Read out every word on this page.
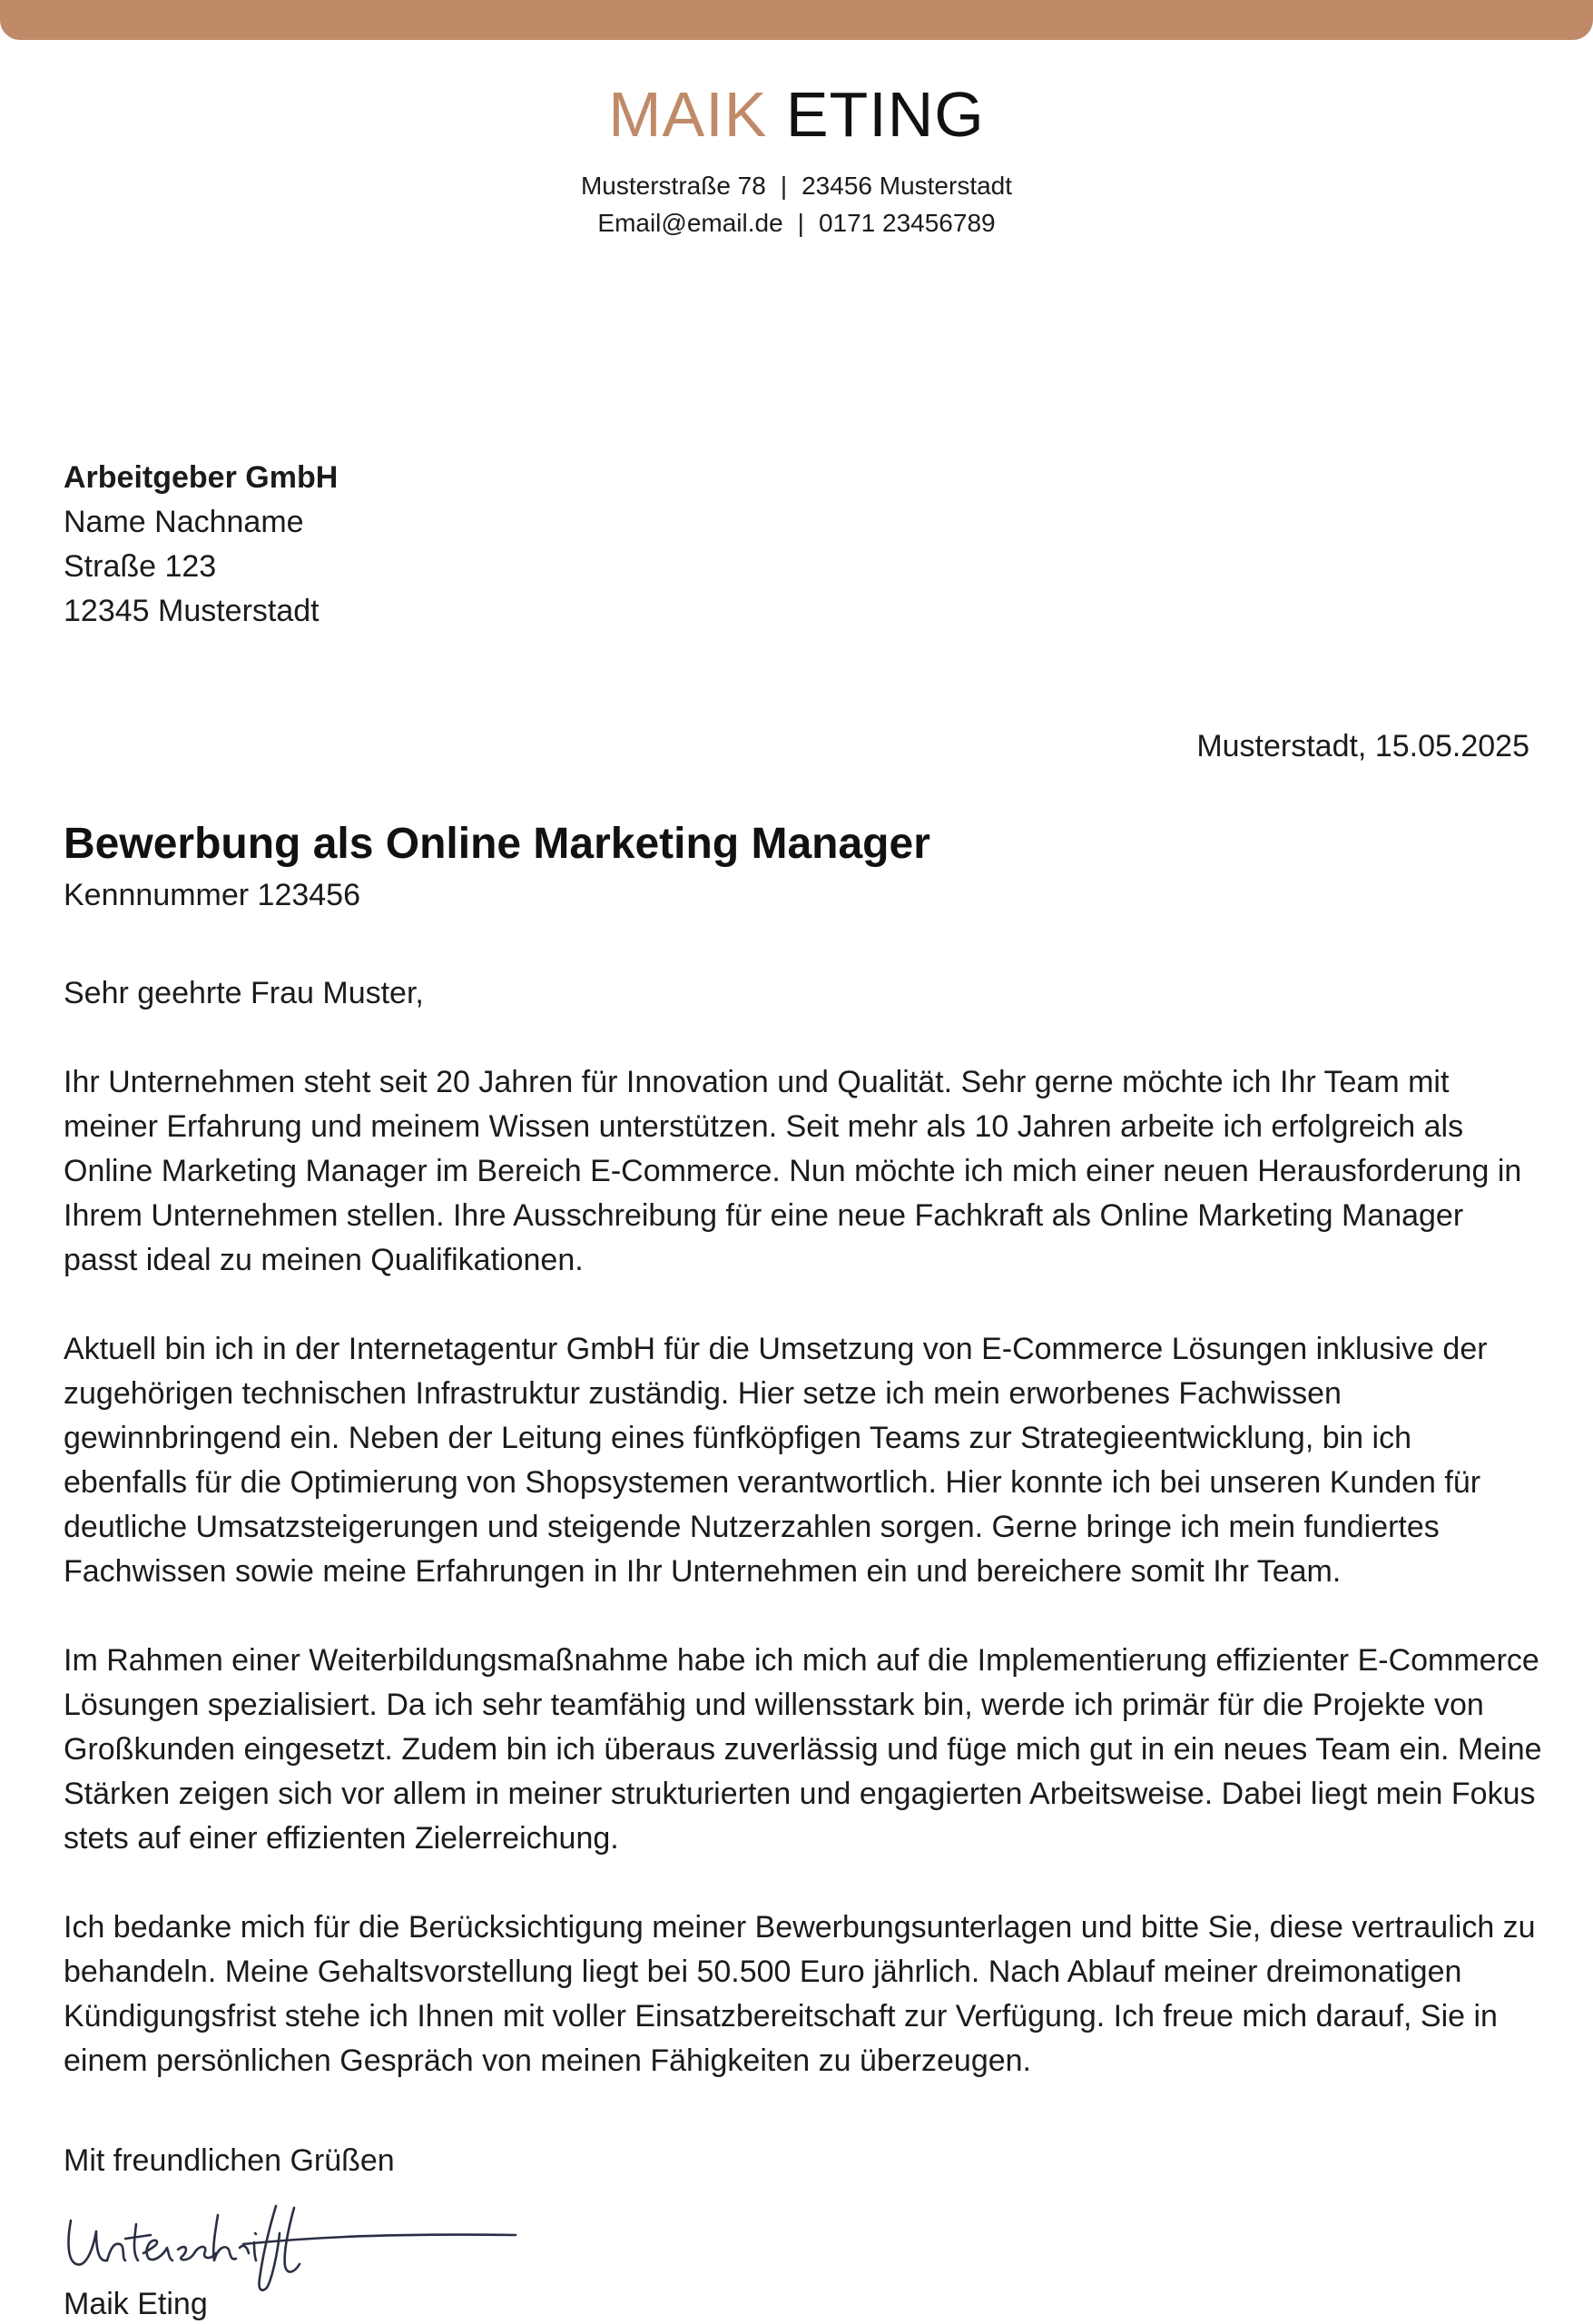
MAIK ETING
Musterstraße 78 | 23456 Musterstadt
Email@email.de | 0171 23456789
Arbeitgeber GmbH
Name Nachname
Straße 123
12345 Musterstadt
Musterstadt, 15.05.2025
Bewerbung als Online Marketing Manager
Kennnummer 123456
Sehr geehrte Frau Muster,

Ihr Unternehmen steht seit 20 Jahren für Innovation und Qualität. Sehr gerne möchte ich Ihr Team mit meiner Erfahrung und meinem Wissen unterstützen. Seit mehr als 10 Jahren arbeite ich erfolgreich als Online Marketing Manager im Bereich E-Commerce. Nun möchte ich mich einer neuen Herausforderung in Ihrem Unternehmen stellen. Ihre Ausschreibung für eine neue Fachkraft als Online Marketing Manager passt ideal zu meinen Qualifikationen.

Aktuell bin ich in der Internetagentur GmbH für die Umsetzung von E-Commerce Lösungen inklusive der zugehörigen technischen Infrastruktur zuständig. Hier setze ich mein erworbenes Fachwissen gewinnbringend ein. Neben der Leitung eines fünfköpfigen Teams zur Strategieentwicklung, bin ich ebenfalls für die Optimierung von Shopsystemen verantwortlich. Hier konnte ich bei unseren Kunden für deutliche Umsatzsteigerungen und steigende Nutzerzahlen sorgen. Gerne bringe ich mein fundiertes Fachwissen sowie meine Erfahrungen in Ihr Unternehmen ein und bereichere somit Ihr Team.

Im Rahmen einer Weiterbildungsmaßnahme habe ich mich auf die Implementierung effizienter E-Commerce Lösungen spezialisiert. Da ich sehr teamfähig und willensstark bin, werde ich primär für die Projekte von Großkunden eingesetzt. Zudem bin ich überaus zuverlässig und füge mich gut in ein neues Team ein. Meine Stärken zeigen sich vor allem in meiner strukturierten und engagierten Arbeitsweise. Dabei liegt mein Fokus stets auf einer effizienten Zielerreichung.

Ich bedanke mich für die Berücksichtigung meiner Bewerbungsunterlagen und bitte Sie, diese vertraulich zu behandeln. Meine Gehaltsvorstellung liegt bei 50.500 Euro jährlich. Nach Ablauf meiner dreimonatigen Kündigungsfrist stehe ich Ihnen mit voller Einsatzbereitschaft zur Verfügung. Ich freue mich darauf, Sie in einem persönlichen Gespräch von meinen Fähigkeiten zu überzeugen.

Mit freundlichen Grüßen
Maik Eting
